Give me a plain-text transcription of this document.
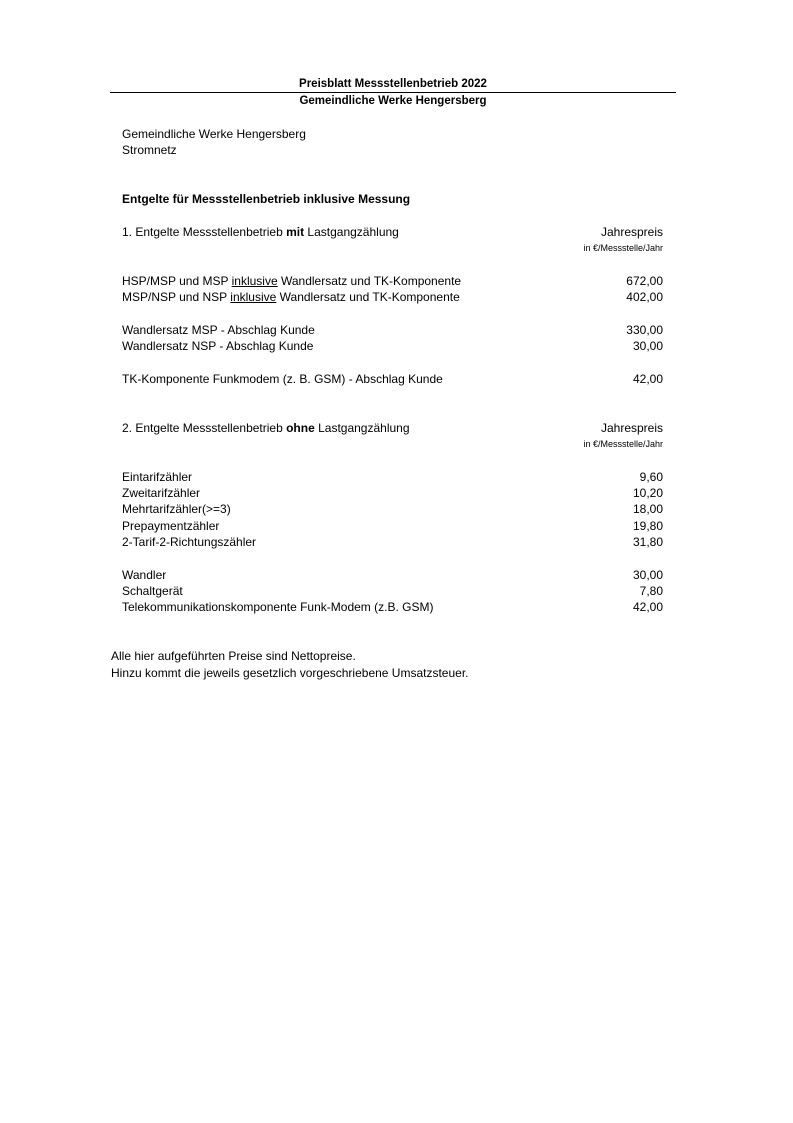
Preisblatt Messstellenbetrieb 2022
Gemeindliche Werke Hengersberg
Gemeindliche Werke Hengersberg
Stromnetz
Entgelte für Messstellenbetrieb inklusive Messung
1. Entgelte Messstellenbetrieb mit Lastgangzählung	Jahrespreis
in €/Messstelle/Jahr
HSP/MSP und MSP inklusive Wandlersatz und TK-Komponente	672,00
MSP/NSP und NSP inklusive Wandlersatz und TK-Komponente	402,00
Wandlersatz MSP - Abschlag Kunde	330,00
Wandlersatz NSP - Abschlag Kunde	30,00
TK-Komponente Funkmodem (z. B. GSM) - Abschlag Kunde	42,00
2. Entgelte Messstellenbetrieb ohne Lastgangzählung	Jahrespreis
in €/Messstelle/Jahr
Eintarifzähler	9,60
Zweitarifzähler	10,20
Mehrtarifzähler(>=3)	18,00
Prepaymentzähler	19,80
2-Tarif-2-Richtungszähler	31,80
Wandler	30,00
Schaltgerät	7,80
Telekommunikationskomponente Funk-Modem (z.B. GSM)	42,00
Alle hier aufgeführten Preise sind Nettopreise.
Hinzu kommt die jeweils gesetzlich vorgeschriebene Umsatzsteuer.
